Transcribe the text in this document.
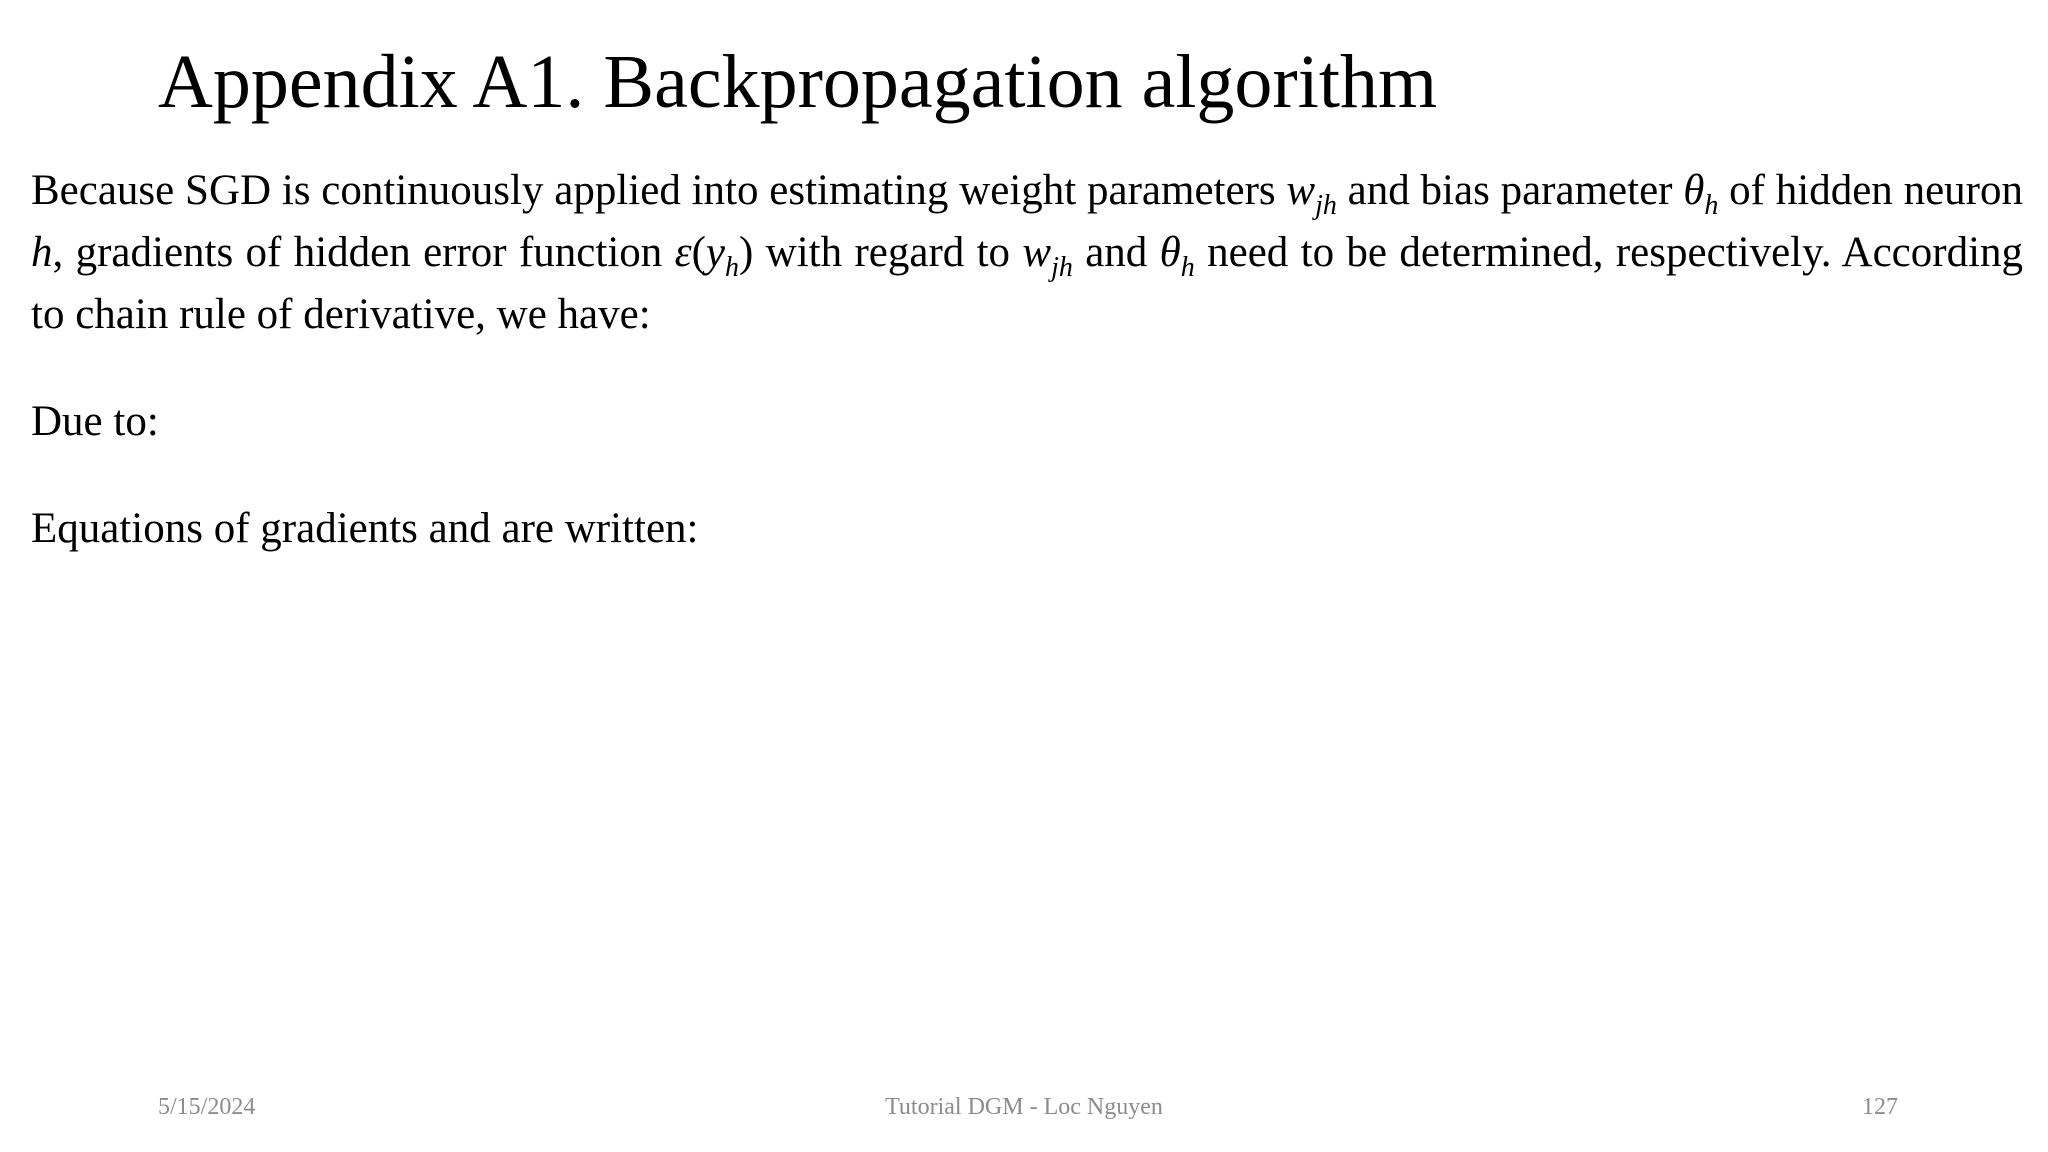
Appendix A1. Backpropagation algorithm

Because SGD is continuously applied into estimating weight parameters $w_{jh}$ and bias parameter $\theta_h$ of hidden neuron h, gradients of hidden error function $\varepsilon(y_h)$ with regard to $w_{jh}$ and $\theta_h$ need to be determined, respectively. According to chain rule of derivative, we have:

Due to:

Equations of gradients and are written:

Tutorial DGM - Loc Nguyen
5/15/2024	127
